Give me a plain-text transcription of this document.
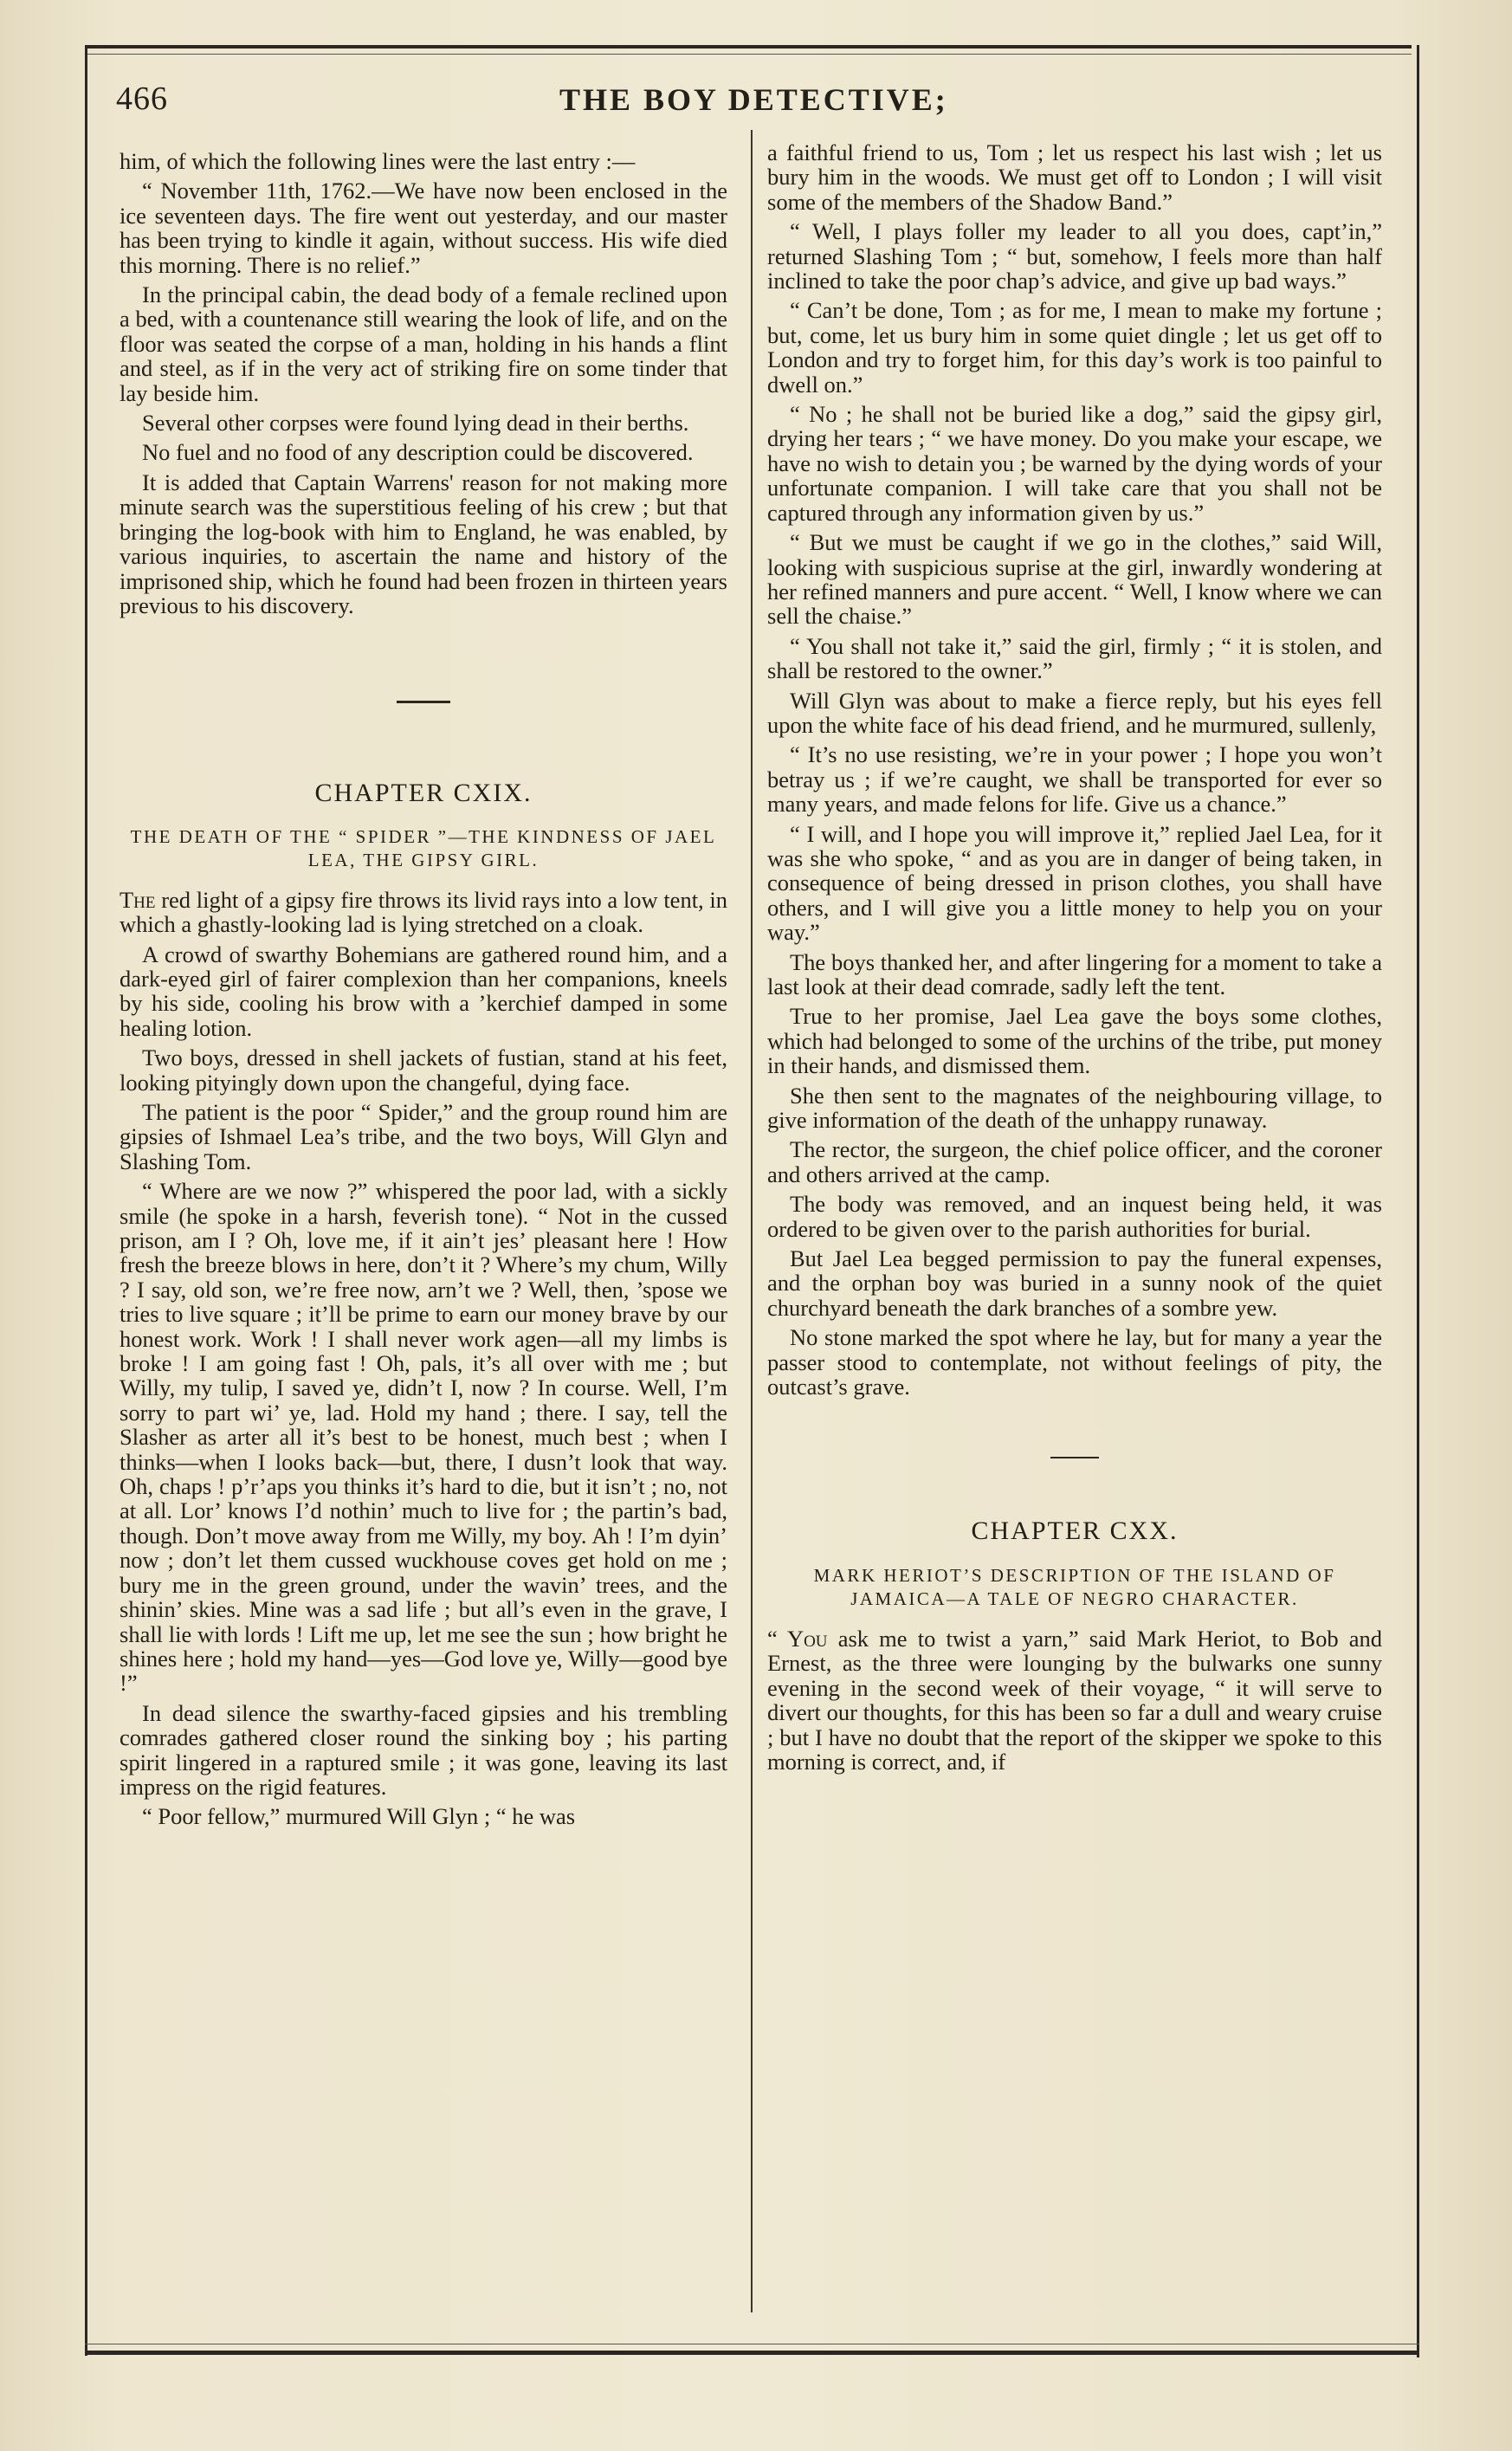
466	THE BOY DETECTIVE;
him, of which the following lines were the last entry :—
“ November 11th, 1762.—We have now been enclosed in the ice seventeen days. The fire went out yesterday, and our master has been trying to kindle it again, without success. His wife died this morning. There is no relief.”
In the principal cabin, the dead body of a female reclined upon a bed, with a countenance still wearing the look of life, and on the floor was seated the corpse of a man, holding in his hands a flint and steel, as if in the very act of striking fire on some tinder that lay beside him.
Several other corpses were found lying dead in their berths.
No fuel and no food of any description could be discovered.
It is added that Captain Warrens' reason for not making more minute search was the superstitious feeling of his crew ; but that bringing the log-book with him to England, he was enabled, by various inquiries, to ascertain the name and history of the imprisoned ship, which he found had been frozen in thirteen years previous to his discovery.
CHAPTER CXIX.
THE DEATH OF THE “ SPIDER ”—THE KINDNESS OF JAEL LEA, THE GIPSY GIRL.
The red light of a gipsy fire throws its livid rays into a low tent, in which a ghastly-looking lad is lying stretched on a cloak.
A crowd of swarthy Bohemians are gathered round him, and a dark-eyed girl of fairer complexion than her companions, kneels by his side, cooling his brow with a ’kerchief damped in some healing lotion.
Two boys, dressed in shell jackets of fustian, stand at his feet, looking pityingly down upon the changeful, dying face.
The patient is the poor “ Spider,” and the group round him are gipsies of Ishmael Lea’s tribe, and the two boys, Will Glyn and Slashing Tom.
“ Where are we now ?” whispered the poor lad, with a sickly smile (he spoke in a harsh, feverish tone). “ Not in the cussed prison, am I ? Oh, love me, if it ain’t jes’ pleasant here ! How fresh the breeze blows in here, don’t it ? Where’s my chum, Willy ? I say, old son, we’re free now, arn’t we ? Well, then, ’spose we tries to live square ; it’ll be prime to earn our money brave by our honest work. Work ! I shall never work agen—all my limbs is broke ! I am going fast ! Oh, pals, it’s all over with me ; but Willy, my tulip, I saved ye, didn’t I, now ? In course. Well, I’m sorry to part wi’ ye, lad. Hold my hand ; there. I say, tell the Slasher as arter all it’s best to be honest, much best ; when I thinks—when I looks back—but, there, I dusn’t look that way. Oh, chaps ! p’r’aps you thinks it’s hard to die, but it isn’t ; no, not at all. Lor’ knows I’d nothin’ much to live for ; the partin’s bad, though. Don’t move away from me Willy, my boy. Ah ! I’m dyin’ now ; don’t let them cussed wuckhouse coves get hold on me ; bury me in the green ground, under the wavin’ trees, and the shinin’ skies. Mine was a sad life ; but all’s even in the grave, I shall lie with lords ! Lift me up, let me see the sun ; how bright he shines here ; hold my hand—yes—God love ye, Willy—good bye !”
In dead silence the swarthy-faced gipsies and his trembling comrades gathered closer round the sinking boy ; his parting spirit lingered in a raptured smile ; it was gone, leaving its last impress on the rigid features.
“ Poor fellow,” murmured Will Glyn ; “ he was
a faithful friend to us, Tom ; let us respect his last wish ; let us bury him in the woods. We must get off to London ; I will visit some of the members of the Shadow Band.”
“ Well, I plays foller my leader to all you does, capt’in,” returned Slashing Tom ; “ but, somehow, I feels more than half inclined to take the poor chap’s advice, and give up bad ways.”
“ Can’t be done, Tom ; as for me, I mean to make my fortune ; but, come, let us bury him in some quiet dingle ; let us get off to London and try to forget him, for this day’s work is too painful to dwell on.”
“ No ; he shall not be buried like a dog,” said the gipsy girl, drying her tears ; “ we have money. Do you make your escape, we have no wish to detain you ; be warned by the dying words of your unfortunate companion. I will take care that you shall not be captured through any information given by us.”
“ But we must be caught if we go in the clothes,” said Will, looking with suspicious suprise at the girl, inwardly wondering at her refined manners and pure accent. “ Well, I know where we can sell the chaise.”
“ You shall not take it,” said the girl, firmly ; “ it is stolen, and shall be restored to the owner.”
Will Glyn was about to make a fierce reply, but his eyes fell upon the white face of his dead friend, and he murmured, sullenly,
“ It’s no use resisting, we’re in your power ; I hope you won’t betray us ; if we’re caught, we shall be transported for ever so many years, and made felons for life. Give us a chance.”
“ I will, and I hope you will improve it,” replied Jael Lea, for it was she who spoke, “ and as you are in danger of being taken, in consequence of being dressed in prison clothes, you shall have others, and I will give you a little money to help you on your way.”
The boys thanked her, and after lingering for a moment to take a last look at their dead comrade, sadly left the tent.
True to her promise, Jael Lea gave the boys some clothes, which had belonged to some of the urchins of the tribe, put money in their hands, and dismissed them.
She then sent to the magnates of the neighbouring village, to give information of the death of the unhappy runaway.
The rector, the surgeon, the chief police officer, and the coroner and others arrived at the camp.
The body was removed, and an inquest being held, it was ordered to be given over to the parish authorities for burial.
But Jael Lea begged permission to pay the funeral expenses, and the orphan boy was buried in a sunny nook of the quiet churchyard beneath the dark branches of a sombre yew.
No stone marked the spot where he lay, but for many a year the passer stood to contemplate, not without feelings of pity, the outcast’s grave.
CHAPTER CXX.
MARK HERIOT’S DESCRIPTION OF THE ISLAND OF JAMAICA—A TALE OF NEGRO CHARACTER.
“ You ask me to twist a yarn,” said Mark Heriot, to Bob and Ernest, as the three were lounging by the bulwarks one sunny evening in the second week of their voyage, “ it will serve to divert our thoughts, for this has been so far a dull and weary cruise ; but I have no doubt that the report of the skipper we spoke to this morning is correct, and, if
